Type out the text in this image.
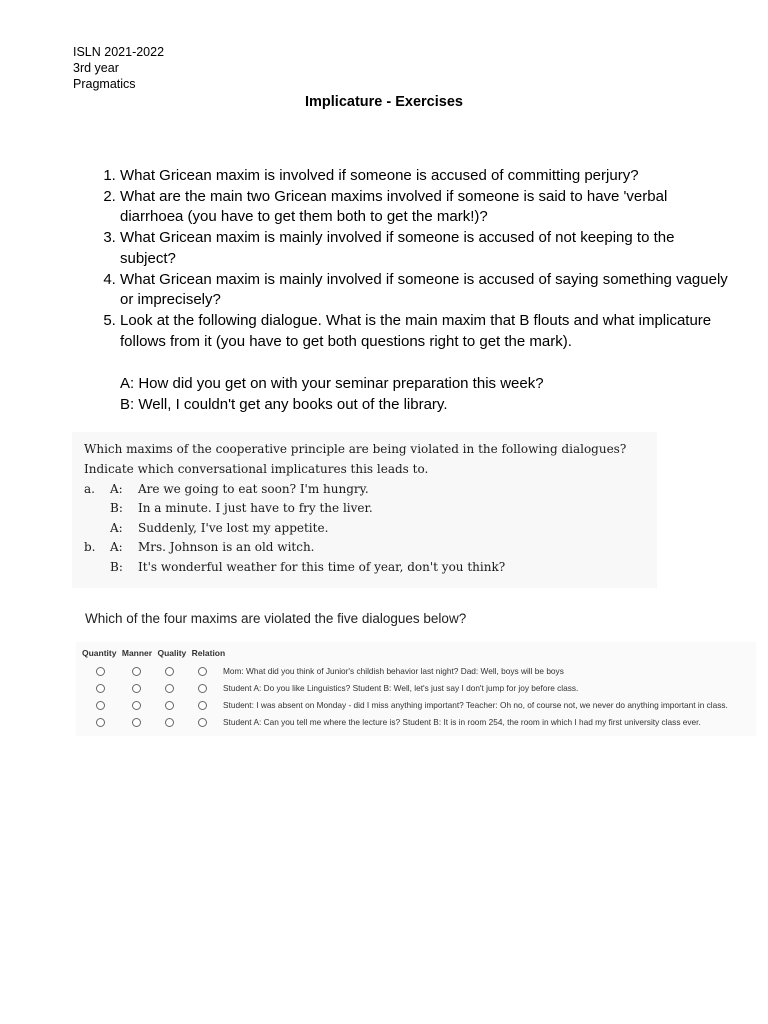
ISLN 2021-2022
3rd year
Pragmatics
Implicature - Exercises
1. What Gricean maxim is involved if someone is accused of committing perjury?
2. What are the main two Gricean maxims involved if someone is said to have 'verbal diarrhoea (you have to get them both to get the mark!)?
3. What Gricean maxim is mainly involved if someone is accused of not keeping to the subject?
4. What Gricean maxim is mainly involved if someone is accused of saying something vaguely or imprecisely?
5. Look at the following dialogue. What is the main maxim that B flouts and what implicature follows from it (you have to get both questions right to get the mark).
A: How did you get on with your seminar preparation this week?
B: Well, I couldn't get any books out of the library.
Which maxims of the cooperative principle are being violated in the following dialogues? Indicate which conversational implicatures this leads to.
a. A: Are we going to eat soon? I'm hungry.
B: In a minute. I just have to fry the liver.
A: Suddenly, I've lost my appetite.
b. A: Mrs. Johnson is an old witch.
B: It's wonderful weather for this time of year, don't you think?
Which of the four maxims are violated the five dialogues below?
Quantity Manner Quality Relation
Mom: What did you think of Junior's childish behavior last night? Dad: Well, boys will be boys
Student A: Do you like Linguistics? Student B: Well, let's just say I don't jump for joy before class.
Student: I was absent on Monday - did I miss anything important? Teacher: Oh no, of course not, we never do anything important in class.
Student A: Can you tell me where the lecture is? Student B: It is in room 254, the room in which I had my first university class ever.
